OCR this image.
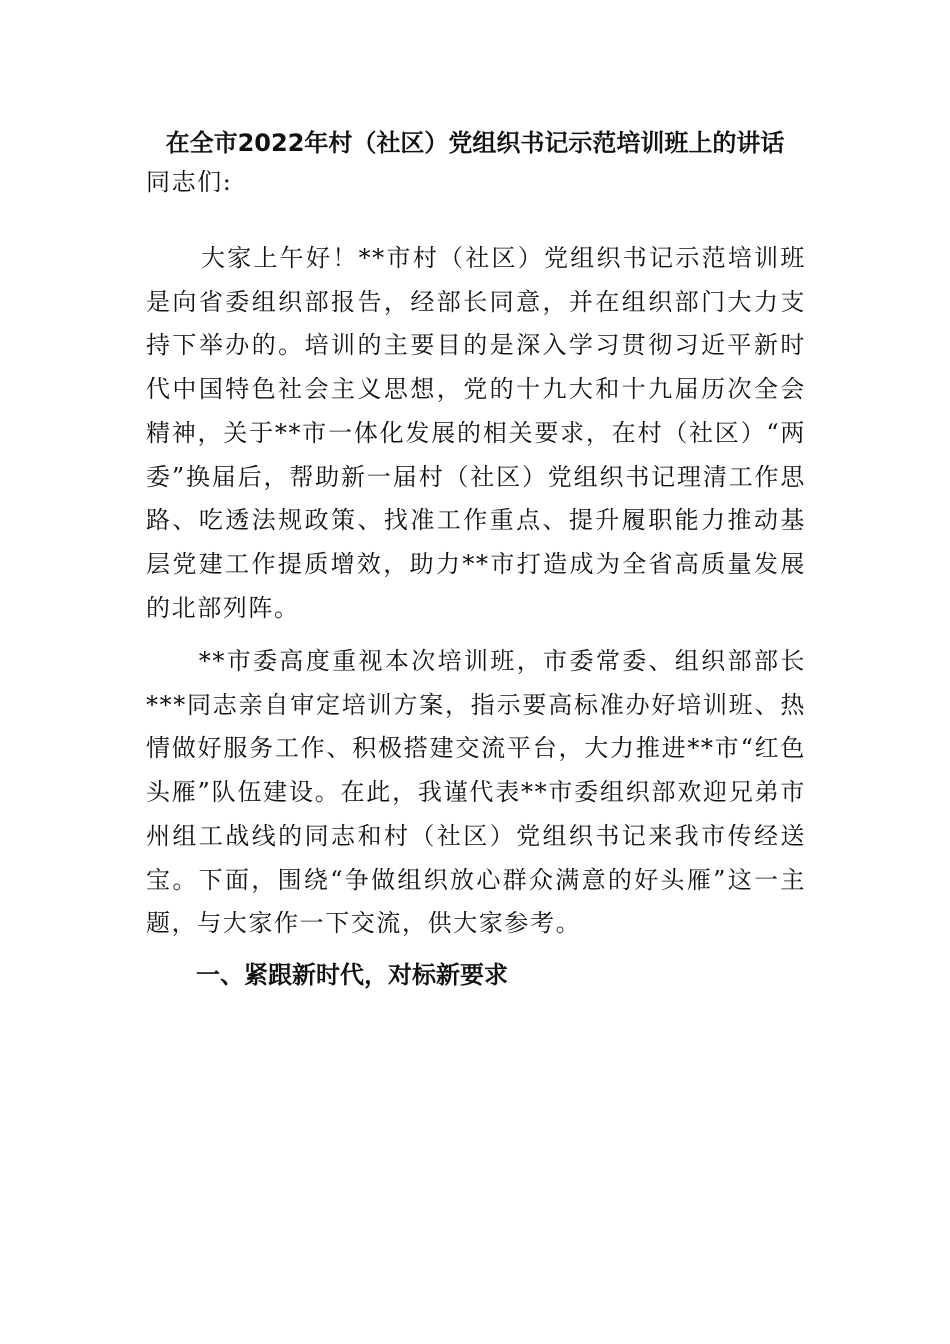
在全市2022年村（社区）党组织书记示范培训班上的讲话

同志们:

大家上午好！**市村（社区）党组织书记示范培训班是向省委组织部报告，经部长同意，并在组织部门大力支持下举办的。培训的主要目的是深入学习贯彻习近平新时代中国特色社会主义思想，党的十九大和十九届历次全会精神，关于**市一体化发展的相关要求，在村（社区）“两委”换届后，帮助新一届村（社区）党组织书记理清工作思路、吃透法规政策、找准工作重点、提升履职能力推动基层党建工作提质增效，助力**市打造成为全省高质量发展的北部列阵。

　　**市委高度重视本次培训班，市委常委、组织部部长***同志亲自审定培训方案，指示要高标准办好培训班、热情做好服务工作、积极搭建交流平台，大力推进**市“红色头雁”队伍建设。在此，我谨代表**市委组织部欢迎兄弟市州组工战线的同志和村（社区）党组织书记来我市传经送宝。下面，围绕“争做组织放心群众满意的好头雁”这一主题，与大家作一下交流，供大家参考。

一、紧跟新时代，对标新要求
